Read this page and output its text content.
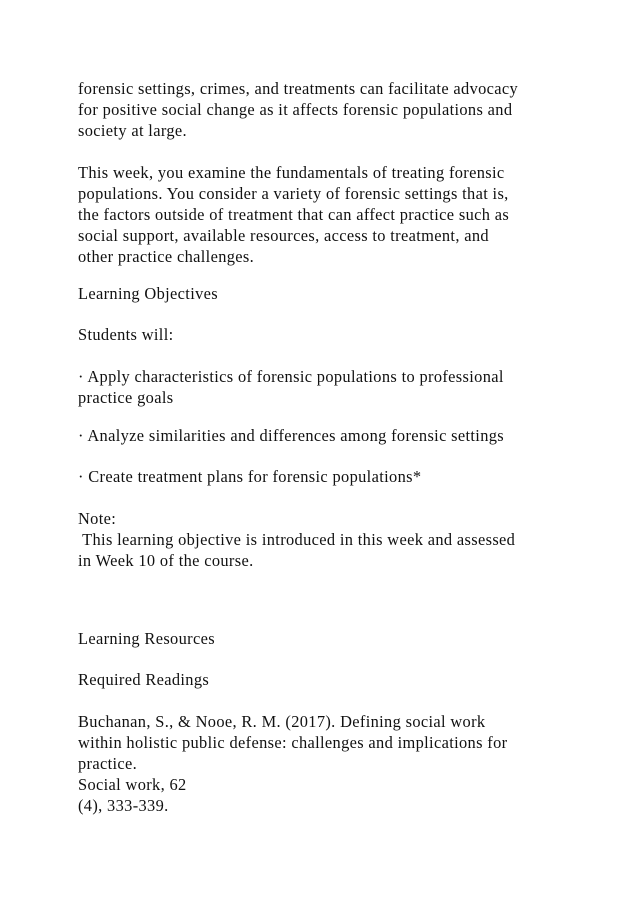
forensic settings, crimes, and treatments can facilitate advocacy
for positive social change as it affects forensic populations and
society at large.
This week, you examine the fundamentals of treating forensic
populations. You consider a variety of forensic settings that is,
the factors outside of treatment that can affect practice such as
social support, available resources, access to treatment, and
other practice challenges.
Learning Objectives
Students will:
· Apply characteristics of forensic populations to professional
practice goals
· Analyze similarities and differences among forensic settings
· Create treatment plans for forensic populations*
Note:
This learning objective is introduced in this week and assessed
in Week 10 of the course.
Learning Resources
Required Readings
Buchanan, S., & Nooe, R. M. (2017). Defining social work
within holistic public defense: challenges and implications for
practice.
Social work, 62
(4), 333-339.
